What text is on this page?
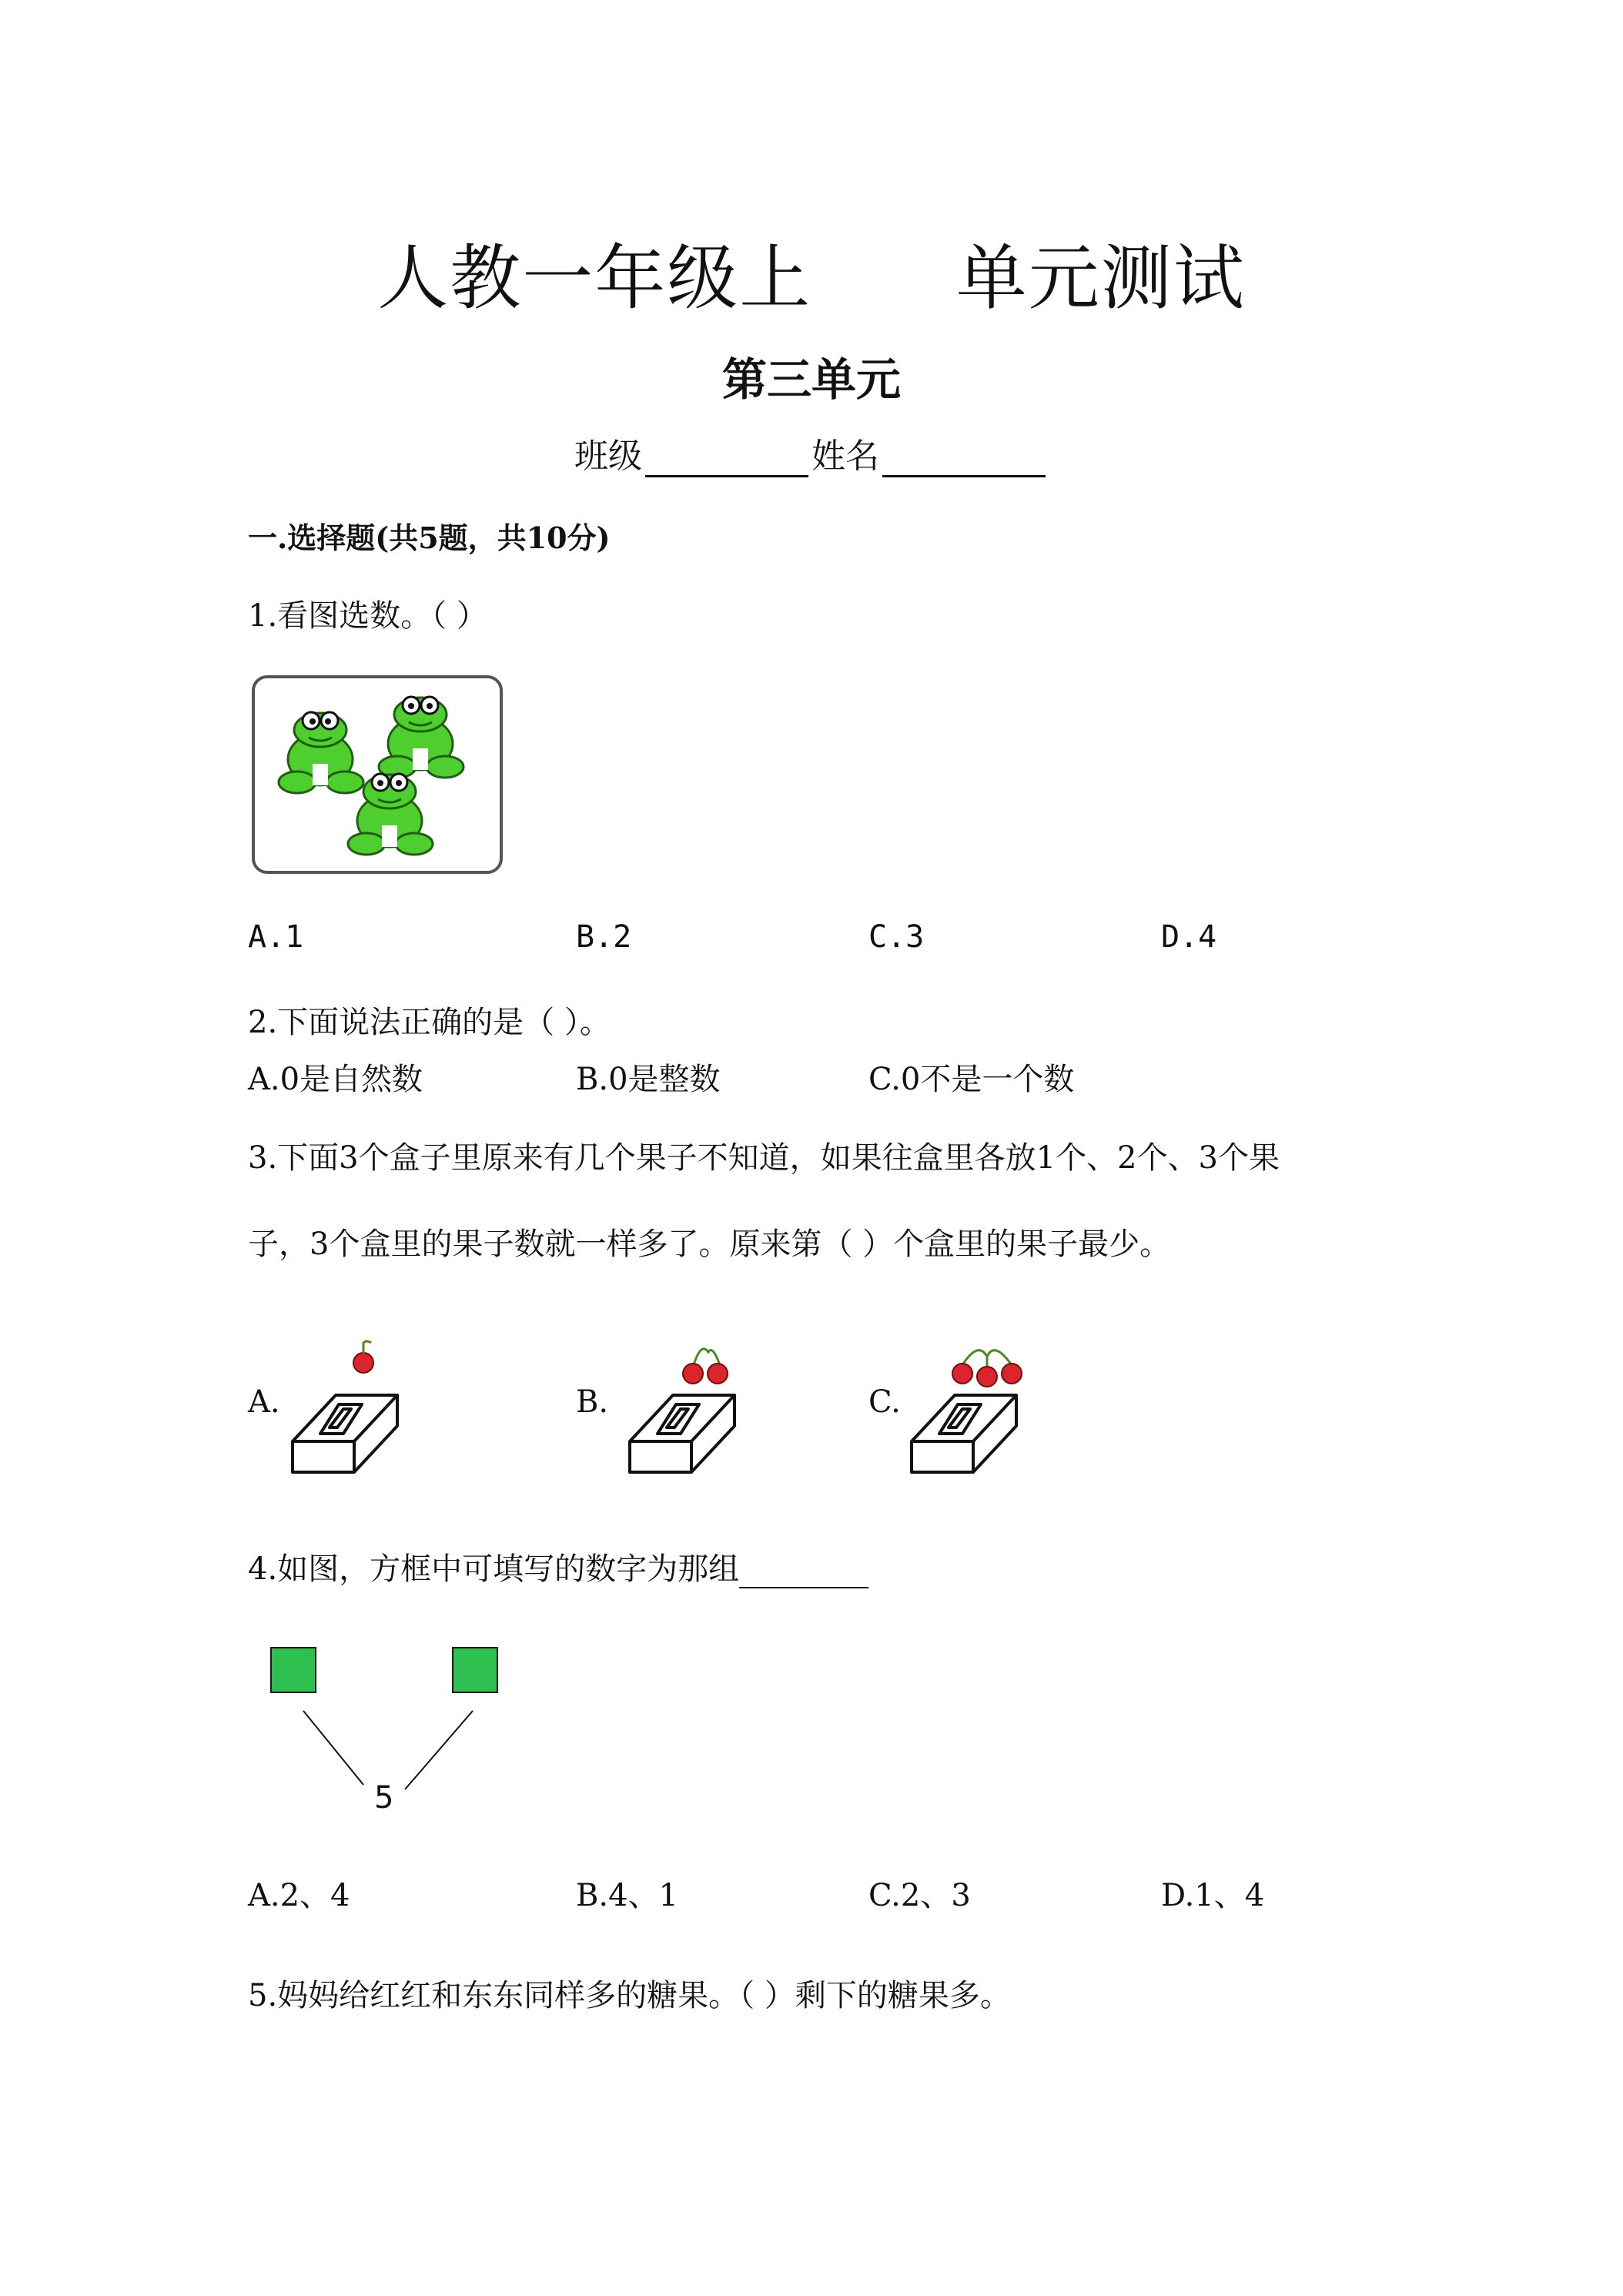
人教一年级上      单元测试
第三单元
班级	姓名
一.选择题(共5题，共10分)
1.看图选数。（ ）
A.1	B.2	C.3	D.4
2.下面说法正确的是（ ）。
A.0是自然数	B.0是整数	C.0不是一个数
3.下面3个盒子里原来有几个果子不知道，如果往盒里各放1个、2个、3个果
子，3个盒里的果子数就一样多了。原来第（ ）个盒里的果子最少。
A.	B.	C.
4.如图，方框中可填写的数字为那组
5
A.2、4	B.4、1	C.2、3	D.1、4
5.妈妈给红红和东东同样多的糖果。（ ）剩下的糖果多。
